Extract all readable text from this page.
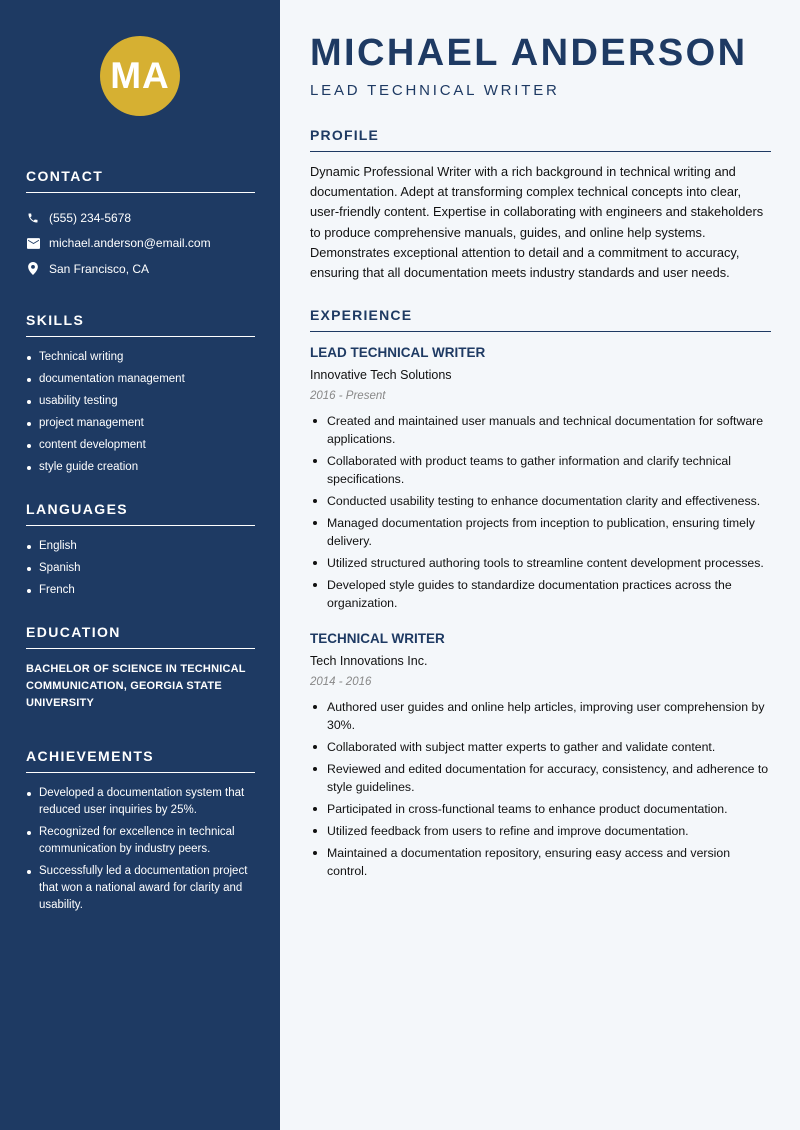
MA
CONTACT
(555) 234-5678
michael.anderson@email.com
San Francisco, CA
SKILLS
Technical writing
documentation management
usability testing
project management
content development
style guide creation
LANGUAGES
English
Spanish
French
EDUCATION

BACHELOR OF SCIENCE IN TECHNICAL COMMUNICATION, GEORGIA STATE UNIVERSITY

ACHIEVEMENTS
Developed a documentation system that reduced user inquiries by 25%.
Recognized for excellence in technical communication by industry peers.
Successfully led a documentation project that won a national award for clarity and usability.
MICHAEL ANDERSON
LEAD TECHNICAL WRITER
PROFILE

Dynamic Professional Writer with a rich background in technical writing and documentation. Adept at transforming complex technical concepts into clear, user-friendly content. Expertise in collaborating with engineers and stakeholders to produce comprehensive manuals, guides, and online help systems. Demonstrates exceptional attention to detail and a commitment to accuracy, ensuring that all documentation meets industry standards and user needs.

EXPERIENCE
LEAD TECHNICAL WRITER
Innovative Tech Solutions
2016 - Present
Created and maintained user manuals and technical documentation for software applications.
Collaborated with product teams to gather information and clarify technical specifications.
Conducted usability testing to enhance documentation clarity and effectiveness.
Managed documentation projects from inception to publication, ensuring timely delivery.
Utilized structured authoring tools to streamline content development processes.
Developed style guides to standardize documentation practices across the organization.
TECHNICAL WRITER
Tech Innovations Inc.
2014 - 2016
Authored user guides and online help articles, improving user comprehension by 30%.
Collaborated with subject matter experts to gather and validate content.
Reviewed and edited documentation for accuracy, consistency, and adherence to style guidelines.
Participated in cross-functional teams to enhance product documentation.
Utilized feedback from users to refine and improve documentation.
Maintained a documentation repository, ensuring easy access and version control.
